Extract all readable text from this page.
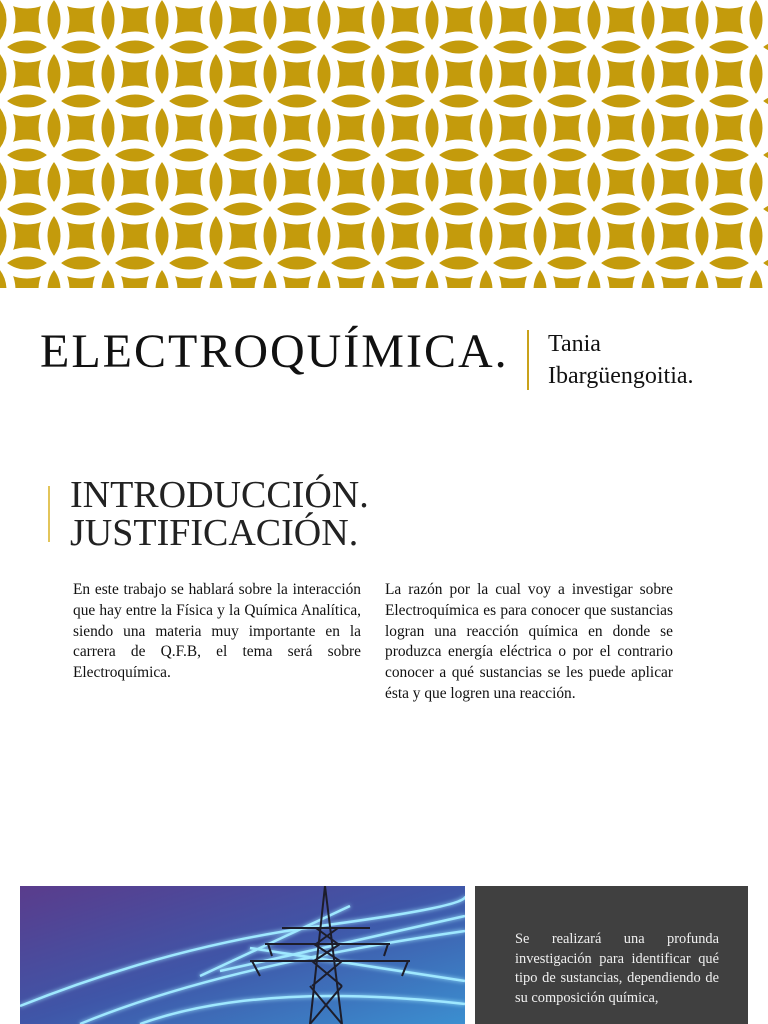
ELECTROQUÍMICA. Tania
Ibargüengoitia.
INTRODUCCIÓN.
JUSTIFICACIÓN.

En este trabajo se hablará sobre la interacción que hay entre la Física y la Química Analítica, siendo una materia muy importante en la carrera de Q.F.B, el tema será sobre Electroquímica.

La razón por la cual voy a investigar sobre Electroquímica es para conocer que sustancias logran una reacción química en donde se produzca energía eléctrica o por el contrario conocer a qué sustancias se les puede aplicar ésta y que logren una reacción.

Se realizará una profunda investigación para identificar qué tipo de sustancias, dependiendo de su composición química,
